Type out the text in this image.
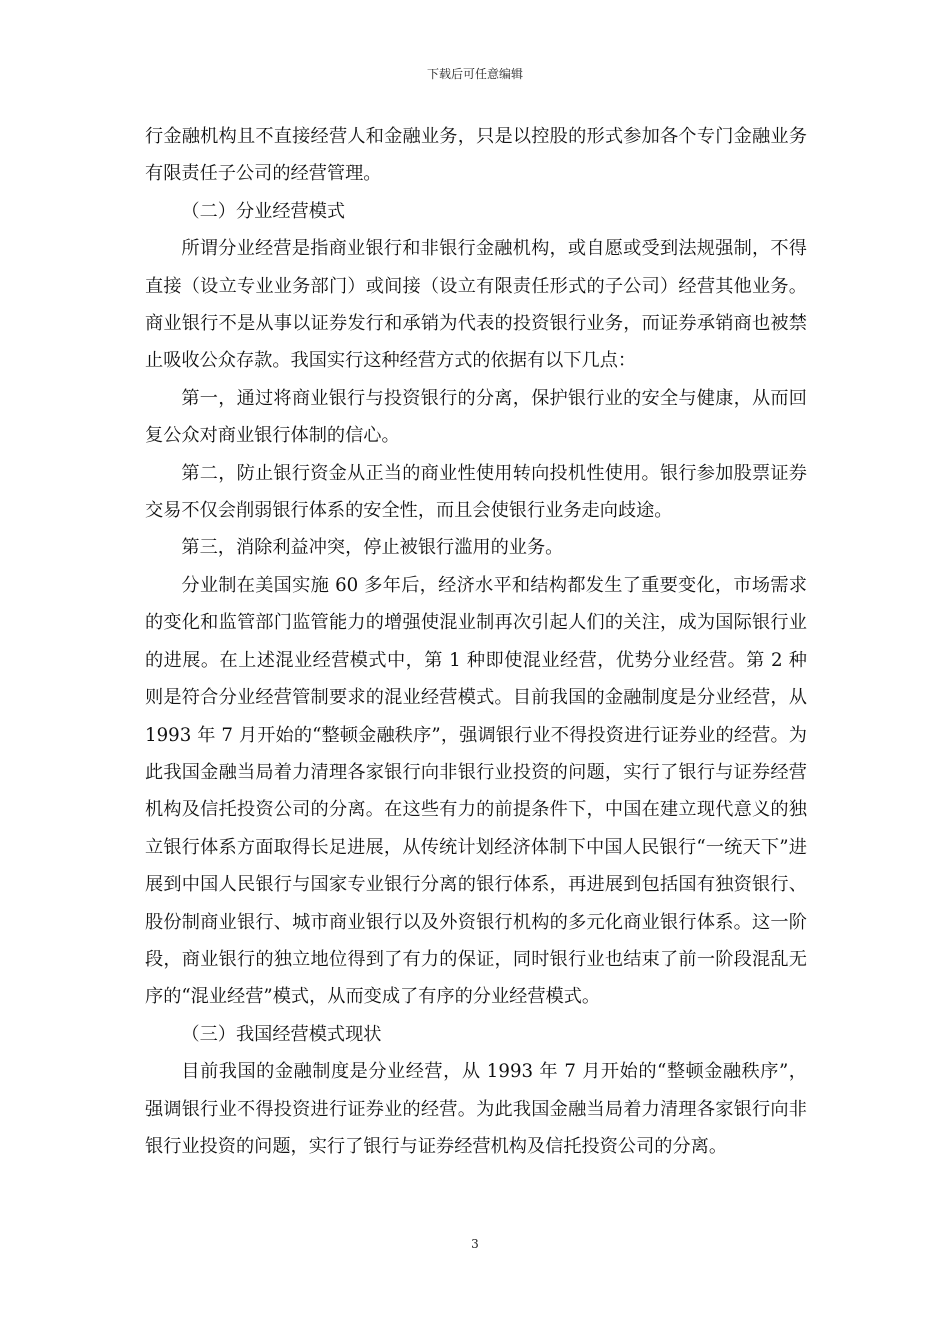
下载后可任意编辑

行金融机构且不直接经营人和金融业务，只是以控股的形式参加各个专门金融业务有限责任子公司的经营管理。

（二）分业经营模式

所谓分业经营是指商业银行和非银行金融机构，或自愿或受到法规强制，不得直接（设立专业业务部门）或间接（设立有限责任形式的子公司）经营其他业务。商业银行不是从事以证券发行和承销为代表的投资银行业务，而证券承销商也被禁止吸收公众存款。我国实行这种经营方式的依据有以下几点：

第一，通过将商业银行与投资银行的分离，保护银行业的安全与健康，从而回复公众对商业银行体制的信心。

第二，防止银行资金从正当的商业性使用转向投机性使用。银行参加股票证券交易不仅会削弱银行体系的安全性，而且会使银行业务走向歧途。

第三，消除利益冲突，停止被银行滥用的业务。

分业制在美国实施 60 多年后，经济水平和结构都发生了重要变化，市场需求的变化和监管部门监管能力的增强使混业制再次引起人们的关注，成为国际银行业的进展。在上述混业经营模式中，第 1 种即使混业经营，优势分业经营。第 2 种则是符合分业经营管制要求的混业经营模式。目前我国的金融制度是分业经营，从 1993 年 7 月开始的“整顿金融秩序”，强调银行业不得投资进行证券业的经营。为此我国金融当局着力清理各家银行向非银行业投资的问题，实行了银行与证券经营机构及信托投资公司的分离。在这些有力的前提条件下，中国在建立现代意义的独立银行体系方面取得长足进展，从传统计划经济体制下中国人民银行“一统天下”进展到中国人民银行与国家专业银行分离的银行体系，再进展到包括国有独资银行、股份制商业银行、城市商业银行以及外资银行机构的多元化商业银行体系。这一阶段，商业银行的独立地位得到了有力的保证，同时银行业也结束了前一阶段混乱无序的“混业经营”模式，从而变成了有序的分业经营模式。

（三）我国经营模式现状

目前我国的金融制度是分业经营，从 1993 年 7 月开始的“整顿金融秩序”，强调银行业不得投资进行证券业的经营。为此我国金融当局着力清理各家银行向非银行业投资的问题，实行了银行与证券经营机构及信托投资公司的分离。

3
